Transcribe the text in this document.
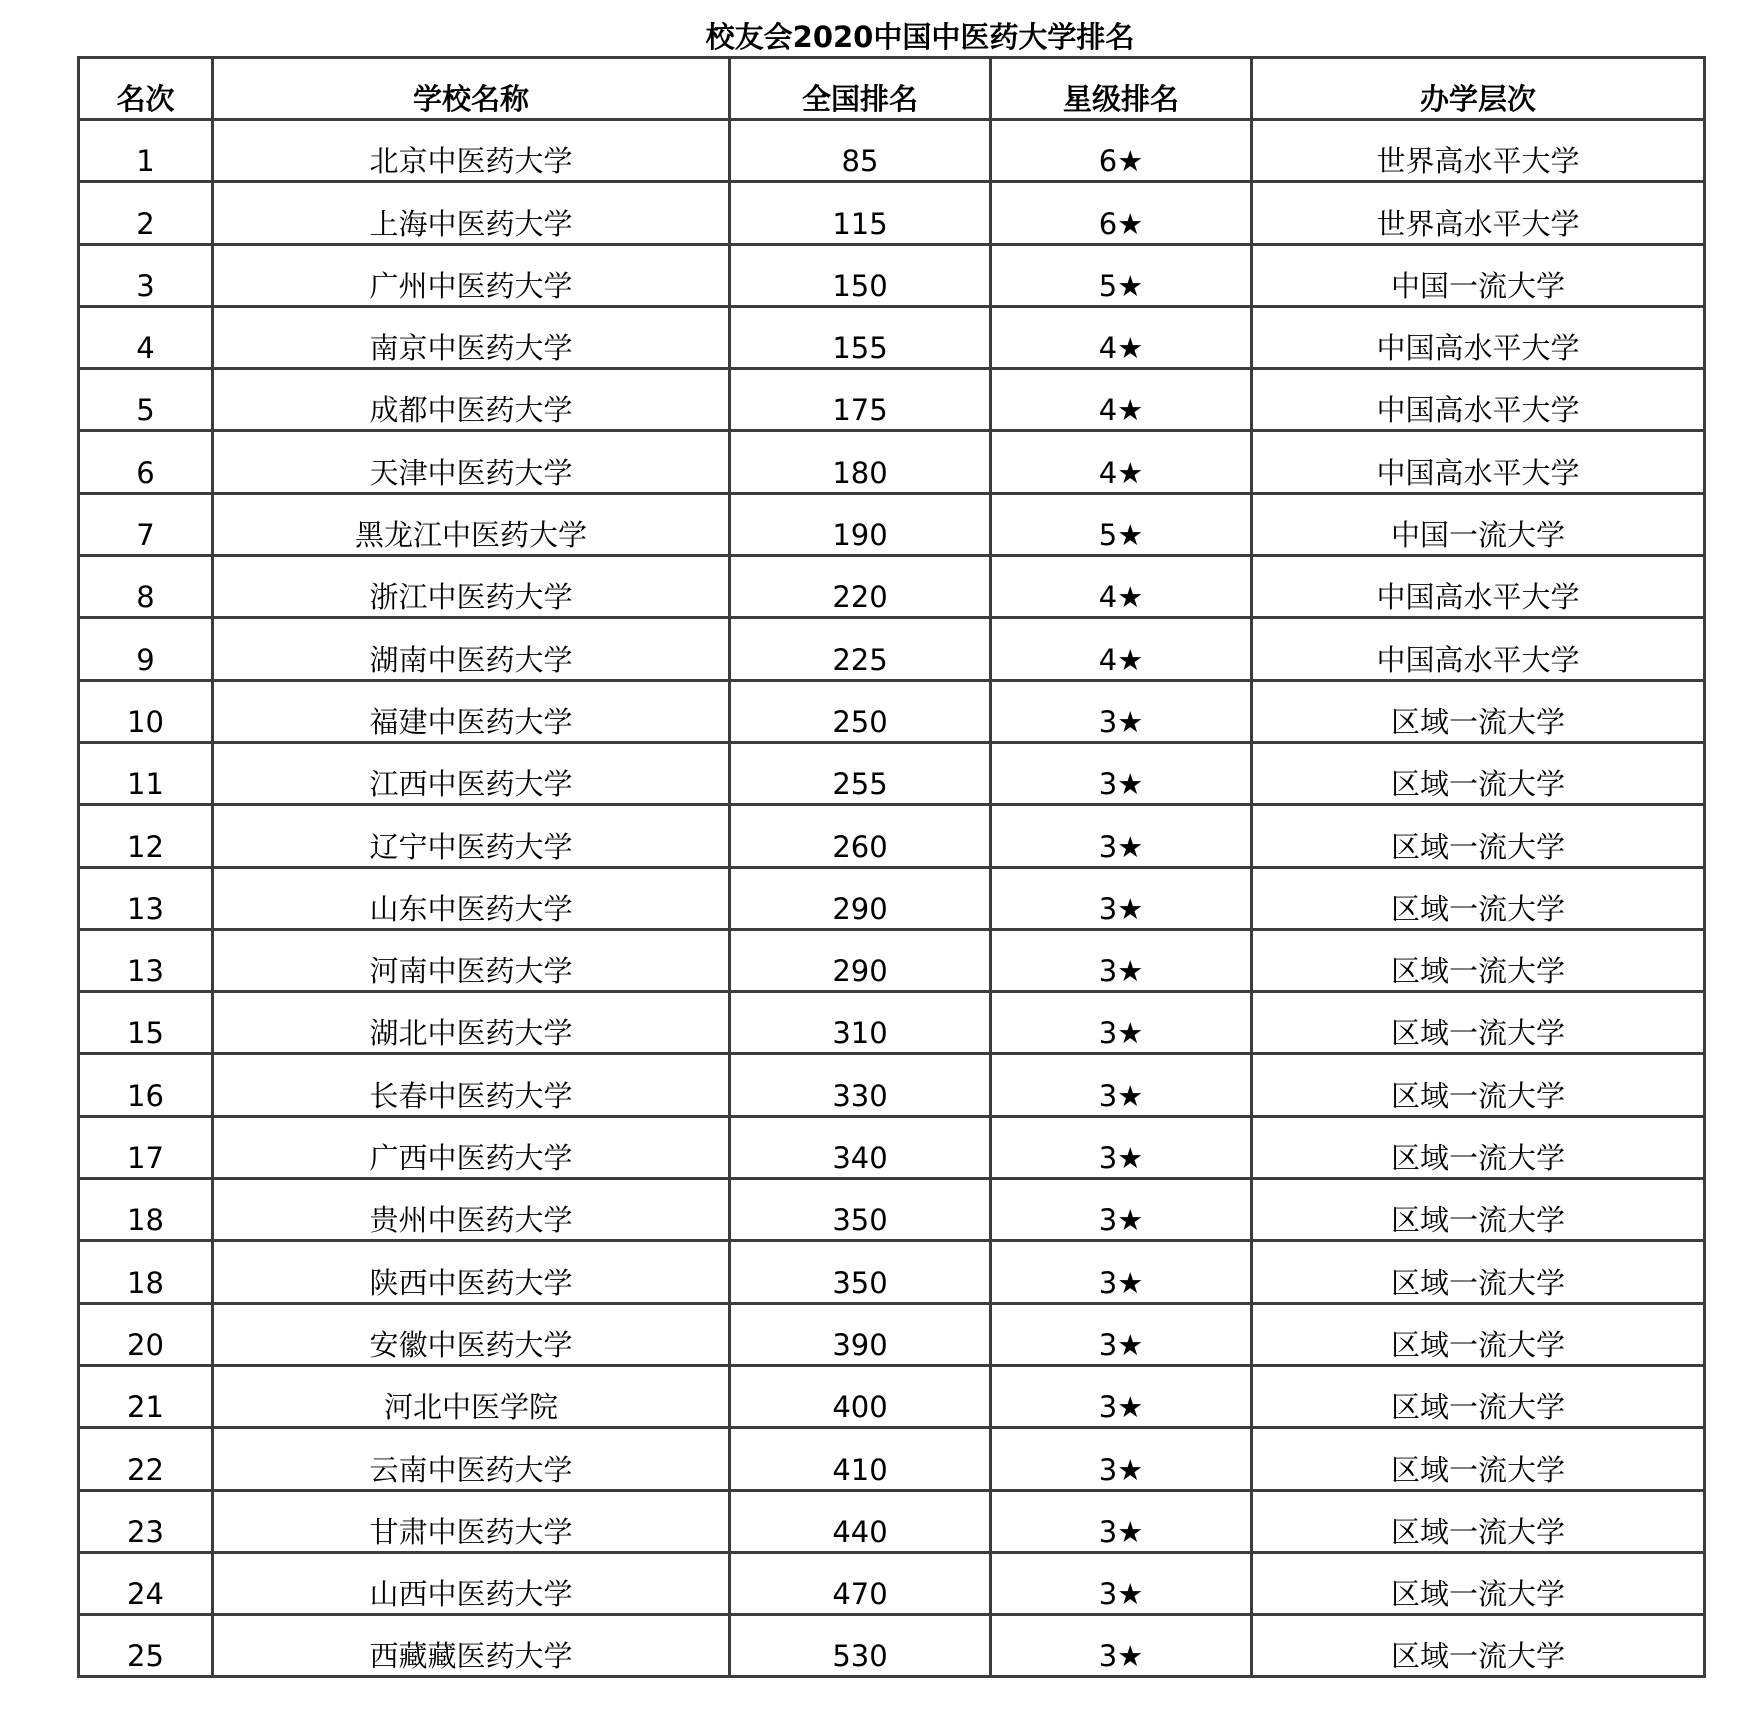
校友会2020中国中医药大学排名
名次	学校名称	全国排名	星级排名	办学层次
1	北京中医药大学	85	6★	世界高水平大学
2	上海中医药大学	115	6★	世界高水平大学
3	广州中医药大学	150	5★	中国一流大学
4	南京中医药大学	155	4★	中国高水平大学
5	成都中医药大学	175	4★	中国高水平大学
6	天津中医药大学	180	4★	中国高水平大学
7	黑龙江中医药大学	190	5★	中国一流大学
8	浙江中医药大学	220	4★	中国高水平大学
9	湖南中医药大学	225	4★	中国高水平大学
10	福建中医药大学	250	3★	区域一流大学
11	江西中医药大学	255	3★	区域一流大学
12	辽宁中医药大学	260	3★	区域一流大学
13	山东中医药大学	290	3★	区域一流大学
13	河南中医药大学	290	3★	区域一流大学
15	湖北中医药大学	310	3★	区域一流大学
16	长春中医药大学	330	3★	区域一流大学
17	广西中医药大学	340	3★	区域一流大学
18	贵州中医药大学	350	3★	区域一流大学
18	陕西中医药大学	350	3★	区域一流大学
20	安徽中医药大学	390	3★	区域一流大学
21	河北中医学院	400	3★	区域一流大学
22	云南中医药大学	410	3★	区域一流大学
23	甘肃中医药大学	440	3★	区域一流大学
24	山西中医药大学	470	3★	区域一流大学
25	西藏藏医药大学	530	3★	区域一流大学
